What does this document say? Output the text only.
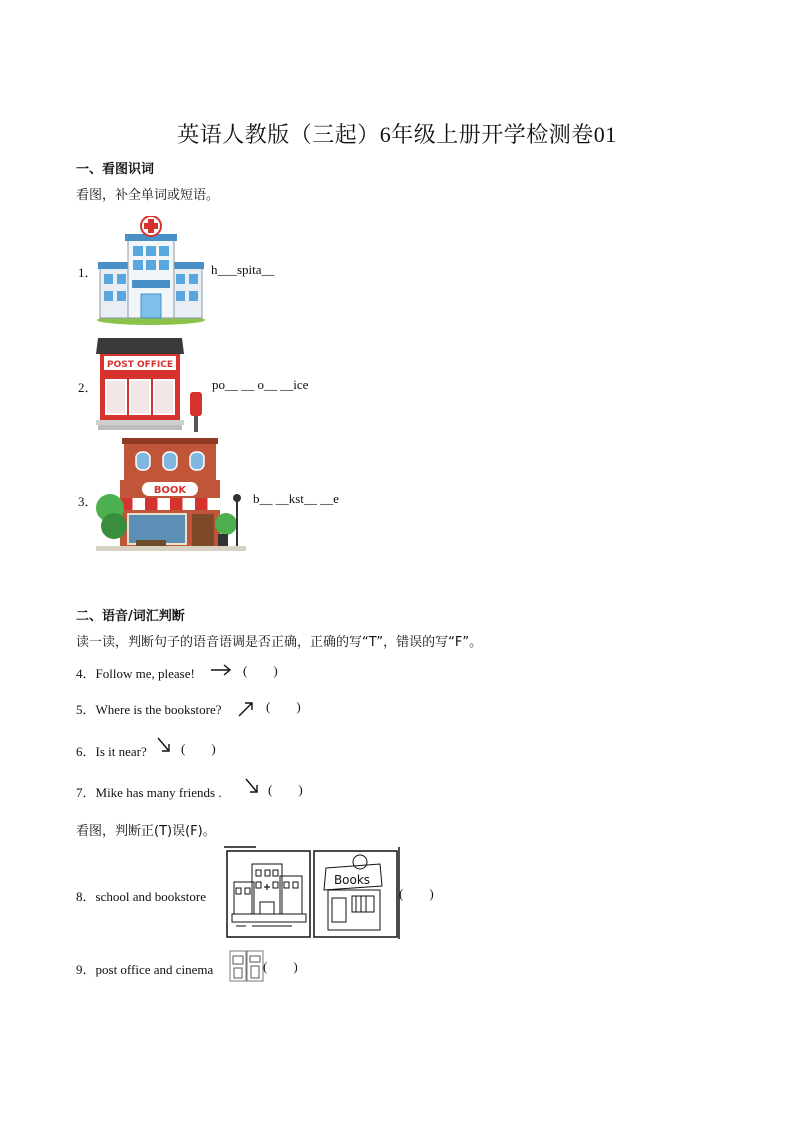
英语人教版（三起）6年级上册开学检测卷01
一、看图识词
看图，补全单词或短语。
1．	h___spita__
2．
POST OFFICE
po__ __ o__ __ice
3．
BOOK
b__ __kst__ __e
二、语音/词汇判断
读一读，判断句子的语音语调是否正确，正确的写“T”，错误的写“F”。
4．Follow me, please!	(        )
5．Where is the bookstore?	(        )
6．Is it near?	(        )
7．Mike has many friends .	(        )
看图，判断正(T)误(F)。
8．school and bookstore
Books
(        )
9．post office and cinema	(        )
